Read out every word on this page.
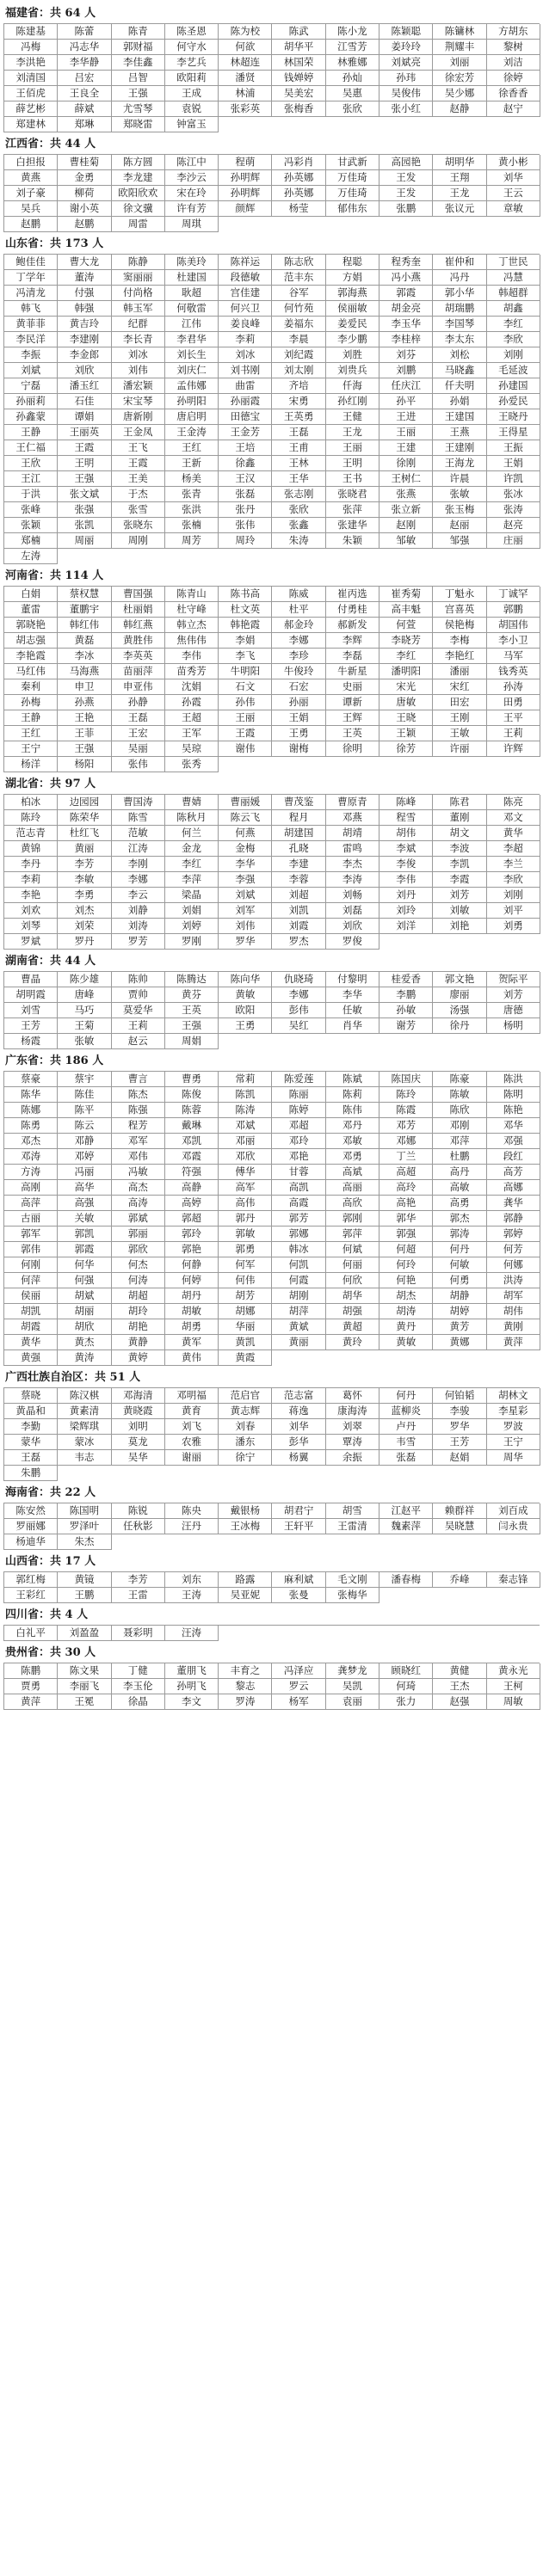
福建省：共 64 人
陈建基	陈蕾	陈青	陈圣恩	陈为校	陈武	陈小龙	陈颖聪	陈镛林	方胡东
冯梅	冯志华	郭财福	何守水	何欲	胡华平	江雪芳	姜玲玲	荆耀丰	黎树
李洪艳	李华静	李佳鑫	李艺兵	林超连	林国荣	林雅娜	刘斌亮	刘丽	刘洁
刘清国	吕宏	吕智	欧阳莉	潘贤	钱婵婷	孙灿	孙玮	徐宏芳	徐婷
王佰虎	王良全	王强	王成	林浦	吴美宏	吴惠	吴俊伟	吴少娜	徐香香
薛艺彬	薛斌	尤雪琴	袁锐	张彩英	张梅香	张欣	张小红	赵静	赵宁
郑建林	郑琳	郑晓雷	钟富玉
江西省：共 44 人
白担报	曹桂菊	陈方圆	陈江中	程萌	冯彩肖	甘武新	高园艳	胡明华	黄小彬
黄燕	金勇	李龙建	李沙云	孙明辉	孙英娜	万佳琦	王发	王翔	刘华
刘子豪	柳荷	欧阳欣欢	宋在玲	孙明辉	孙英娜	万佳琦	王发	王龙	王云
吴兵	谢小英	徐文骥	许有芳	颜辉	杨莹	郁伟东	张鹏	张议元	章敏
赵鹏	赵鹏	周雷	周琪
山东省：共 173 人
鲍佳佳	曹大龙	陈静	陈美玲	陈祥运	陈志欣	程聪	程秀奎	崔仲和	丁世民
丁学年	董涛	窦丽丽	杜建国	段德敏	范丰东	方娟	冯小燕	冯丹	冯慧
冯清龙	付强	付尚格	耿超	宫佳建	谷军	郭海燕	郭霞	郭小华	韩超群
韩飞	韩强	韩玉军	何敬雷	何兴卫	何竹苑	侯丽敏	胡金亮	胡瑞鹏	胡鑫
黄菲菲	黄吉玲	纪群	江伟	姜良峰	姜福东	姜爱民	李玉华	李国琴	李红
李民洋	李建刚	李长青	李君华	李莉	李晨	李少鹏	李桂梓	李太东	李欣
李振	李金郎	刘冰	刘长生	刘冰	刘纪霞	刘胜	刘芬	刘松	刘刚
刘斌	刘欣	刘伟	刘庆仁	刘书刚	刘太刚	刘贵兵	刘鹏	马晓鑫	毛延波
宁磊	潘玉红	潘宏颖	孟伟娜	曲雷	齐培	仟海	任庆江	仟夫明	孙建国
孙丽莉	石佳	宋宝琴	孙明阳	孙丽霞	宋勇	孙红刚	孙平	孙娟	孙爱民
孙鑫蒙	谭娟	唐新刚	唐启明	田德宝	王英勇	王健	王进	王建国	王晓丹
王静	王丽英	王金凤	王金涛	王金芳	王磊	王龙	王丽	王燕	王得星
王仁福	王霞	王飞	王红	王培	王甫	王丽	王建	王建刚	王振
王欣	王明	王霞	王新	徐鑫	王林	王明	徐刚	王海龙	王娟
王江	王强	王美	杨美	王汉	王华	王书	王树仁	许晨	许凯
于洪	张文斌	于杰	张青	张磊	张志刚	张晓君	张燕	张敏	张冰
张峰	张强	张雪	张洪	张丹	张欣	张萍	张立新	张玉梅	张涛
张颖	张凯	张晓东	张楠	张伟	张鑫	张建华	赵刚	赵丽	赵亮
郑楠	周丽	周刚	周芳	周玲	朱涛	朱颖	邹敏	邹强	庄丽
左涛
河南省：共 114 人
白娟	蔡权慧	曹国强	陈青山	陈书高	陈威	崔丙选	崔秀菊	丁魁永	丁诚罕
董雷	董鹏宇	杜丽娟	杜守峰	杜文英	杜平	付勇桂	高丰魁	宫喜英	郭鹏
郭晓艳	韩红伟	韩红燕	韩立杰	韩艳霞	郝金玲	郝新发	何萱	侯艳梅	胡国伟
胡志强	黄磊	黄胜伟	焦伟伟	李娟	李娜	李辉	李晓芳	李梅	李小卫
李艳霞	李冰	李英英	李伟	李飞	李珍	李磊	李红	李艳红	马军
马红伟	马海燕	苗丽萍	苗秀芳	牛明阳	牛俊玲	牛新星	潘明阳	潘丽	钱秀英
秦利	申卫	申亚伟	沈娟	石文	石宏	史丽	宋光	宋红	孙涛
孙梅	孙燕	孙静	孙霞	孙伟	孙丽	谭新	唐敏	田宏	田勇
王静	王艳	王磊	王超	王丽	王娟	王辉	王晓	王刚	王平
王红	王菲	王宏	王军	王霞	王勇	王英	王颖	王敏	王莉
王宁	王强	吴丽	吴琼	谢伟	谢梅	徐明	徐芳	许丽	许辉
杨洋	杨阳	张伟	张秀
湖北省：共 97 人
柏冰	边园园	曹国涛	曹婧	曹丽媛	曹茂鉴	曹原青	陈峰	陈君	陈亮
陈玲	陈荣华	陈雪	陈秋月	陈云飞	程月	邓燕	程雪	董刚	邓文
范志青	杜红飞	范敏	何兰	何燕	胡建国	胡靖	胡伟	胡文	黄华
黄锦	黄丽	江涛	金龙	金梅	孔晓	雷鸣	李斌	李波	李超
李丹	李芳	李刚	李红	李华	李建	李杰	李俊	李凯	李兰
李莉	李敏	李娜	李萍	李强	李蓉	李涛	李伟	李霞	李欣
李艳	李勇	李云	梁晶	刘斌	刘超	刘畅	刘丹	刘芳	刘刚
刘欢	刘杰	刘静	刘娟	刘军	刘凯	刘磊	刘玲	刘敏	刘平
刘琴	刘荣	刘涛	刘婷	刘伟	刘霞	刘欣	刘洋	刘艳	刘勇
罗斌	罗丹	罗芳	罗刚	罗华	罗杰	罗俊
湖南省：共 44 人
曹晶	陈少雄	陈帅	陈腾达	陈向华	仇晓琦	付黎明	桂爱香	郭文艳	贺际平
胡明霞	唐峰	贾帅	黄芬	黄敏	李娜	李华	李鹏	廖丽	刘芳
刘雪	马巧	莫爱华	王英	欧阳	彭伟	任敏	孙敏	汤强	唐德
王芳	王菊	王莉	王强	王勇	吴红	肖华	谢芳	徐丹	杨明
杨霞	张敏	赵云	周娟
广东省：共 186 人
蔡豪	蔡宇	曹言	曹勇	常莉	陈爱莲	陈斌	陈国庆	陈豪	陈洪
陈华	陈佳	陈杰	陈俊	陈凯	陈丽	陈莉	陈玲	陈敏	陈明
陈娜	陈平	陈强	陈蓉	陈涛	陈婷	陈伟	陈霞	陈欣	陈艳
陈勇	陈云	程芳	戴琳	邓斌	邓超	邓丹	邓芳	邓刚	邓华
邓杰	邓静	邓军	邓凯	邓丽	邓玲	邓敏	邓娜	邓萍	邓强
邓涛	邓婷	邓伟	邓霞	邓欣	邓艳	邓勇	丁兰	杜鹏	段红
方涛	冯丽	冯敏	符强	傅华	甘蓉	高斌	高超	高丹	高芳
高刚	高华	高杰	高静	高军	高凯	高丽	高玲	高敏	高娜
高萍	高强	高涛	高婷	高伟	高霞	高欣	高艳	高勇	龚华
古丽	关敏	郭斌	郭超	郭丹	郭芳	郭刚	郭华	郭杰	郭静
郭军	郭凯	郭丽	郭玲	郭敏	郭娜	郭萍	郭强	郭涛	郭婷
郭伟	郭霞	郭欣	郭艳	郭勇	韩冰	何斌	何超	何丹	何芳
何刚	何华	何杰	何静	何军	何凯	何丽	何玲	何敏	何娜
何萍	何强	何涛	何婷	何伟	何霞	何欣	何艳	何勇	洪涛
侯丽	胡斌	胡超	胡丹	胡芳	胡刚	胡华	胡杰	胡静	胡军
胡凯	胡丽	胡玲	胡敏	胡娜	胡萍	胡强	胡涛	胡婷	胡伟
胡霞	胡欣	胡艳	胡勇	华丽	黄斌	黄超	黄丹	黄芳	黄刚
黄华	黄杰	黄静	黄军	黄凯	黄丽	黄玲	黄敏	黄娜	黄萍
黄强	黄涛	黄婷	黄伟	黄霞
广西壮族自治区：共 51 人
蔡晓	陈汉棋	邓海清	邓明福	范启官	范志富	葛怀	何丹	何铂韬	胡林文
黄晶和	黄素清	黄晓霞	黄育	黄志辉	蒋逸	康海涛	蓝柳炎	李骏	李星彩
李勤	梁辉琪	刘明	刘飞	刘春	刘华	刘翠	卢丹	罗华	罗波
蒙华	蒙冰	莫龙	农雅	潘东	彭华	覃涛	韦雪	王芳	王宁
王磊	韦志	吴华	谢丽	徐宁	杨翼	余振	张磊	赵娟	周华
朱鹏
海南省：共 22 人
陈安然	陈国明	陈锐	陈央	戴银杨	胡君宁	胡雪	江赵平	赖群祥	刘百成
罗丽娜	罗泽叶	任秋影	汪丹	王冰梅	王轩平	王雷清	魏素萍	吴晓慧	闫永贵
杨迪华	朱杰
山西省：共 17 人
郭红梅	黄镜	李芳	刘东	路露	麻利斌	毛文刚	潘春梅	乔峰	秦志锋
王彩红	王鹏	王雷	王涛	吴亚妮	张曼	张梅华
四川省：共 4 人
白礼平	刘盈盈	聂彩明	汪涛
贵州省：共 30 人
陈鹏	陈文果	丁健	董朋飞	丰育之	冯泽应	龚梦龙	顾晓红	黄健	黄永光
贾勇	李丽飞	李玉伦	孙明飞	黎志	罗云	吴凯	何琦	王杰	王柯
黄萍	王冕	徐晶	李文	罗涛	杨军	袁丽	张力	赵强	周敏
